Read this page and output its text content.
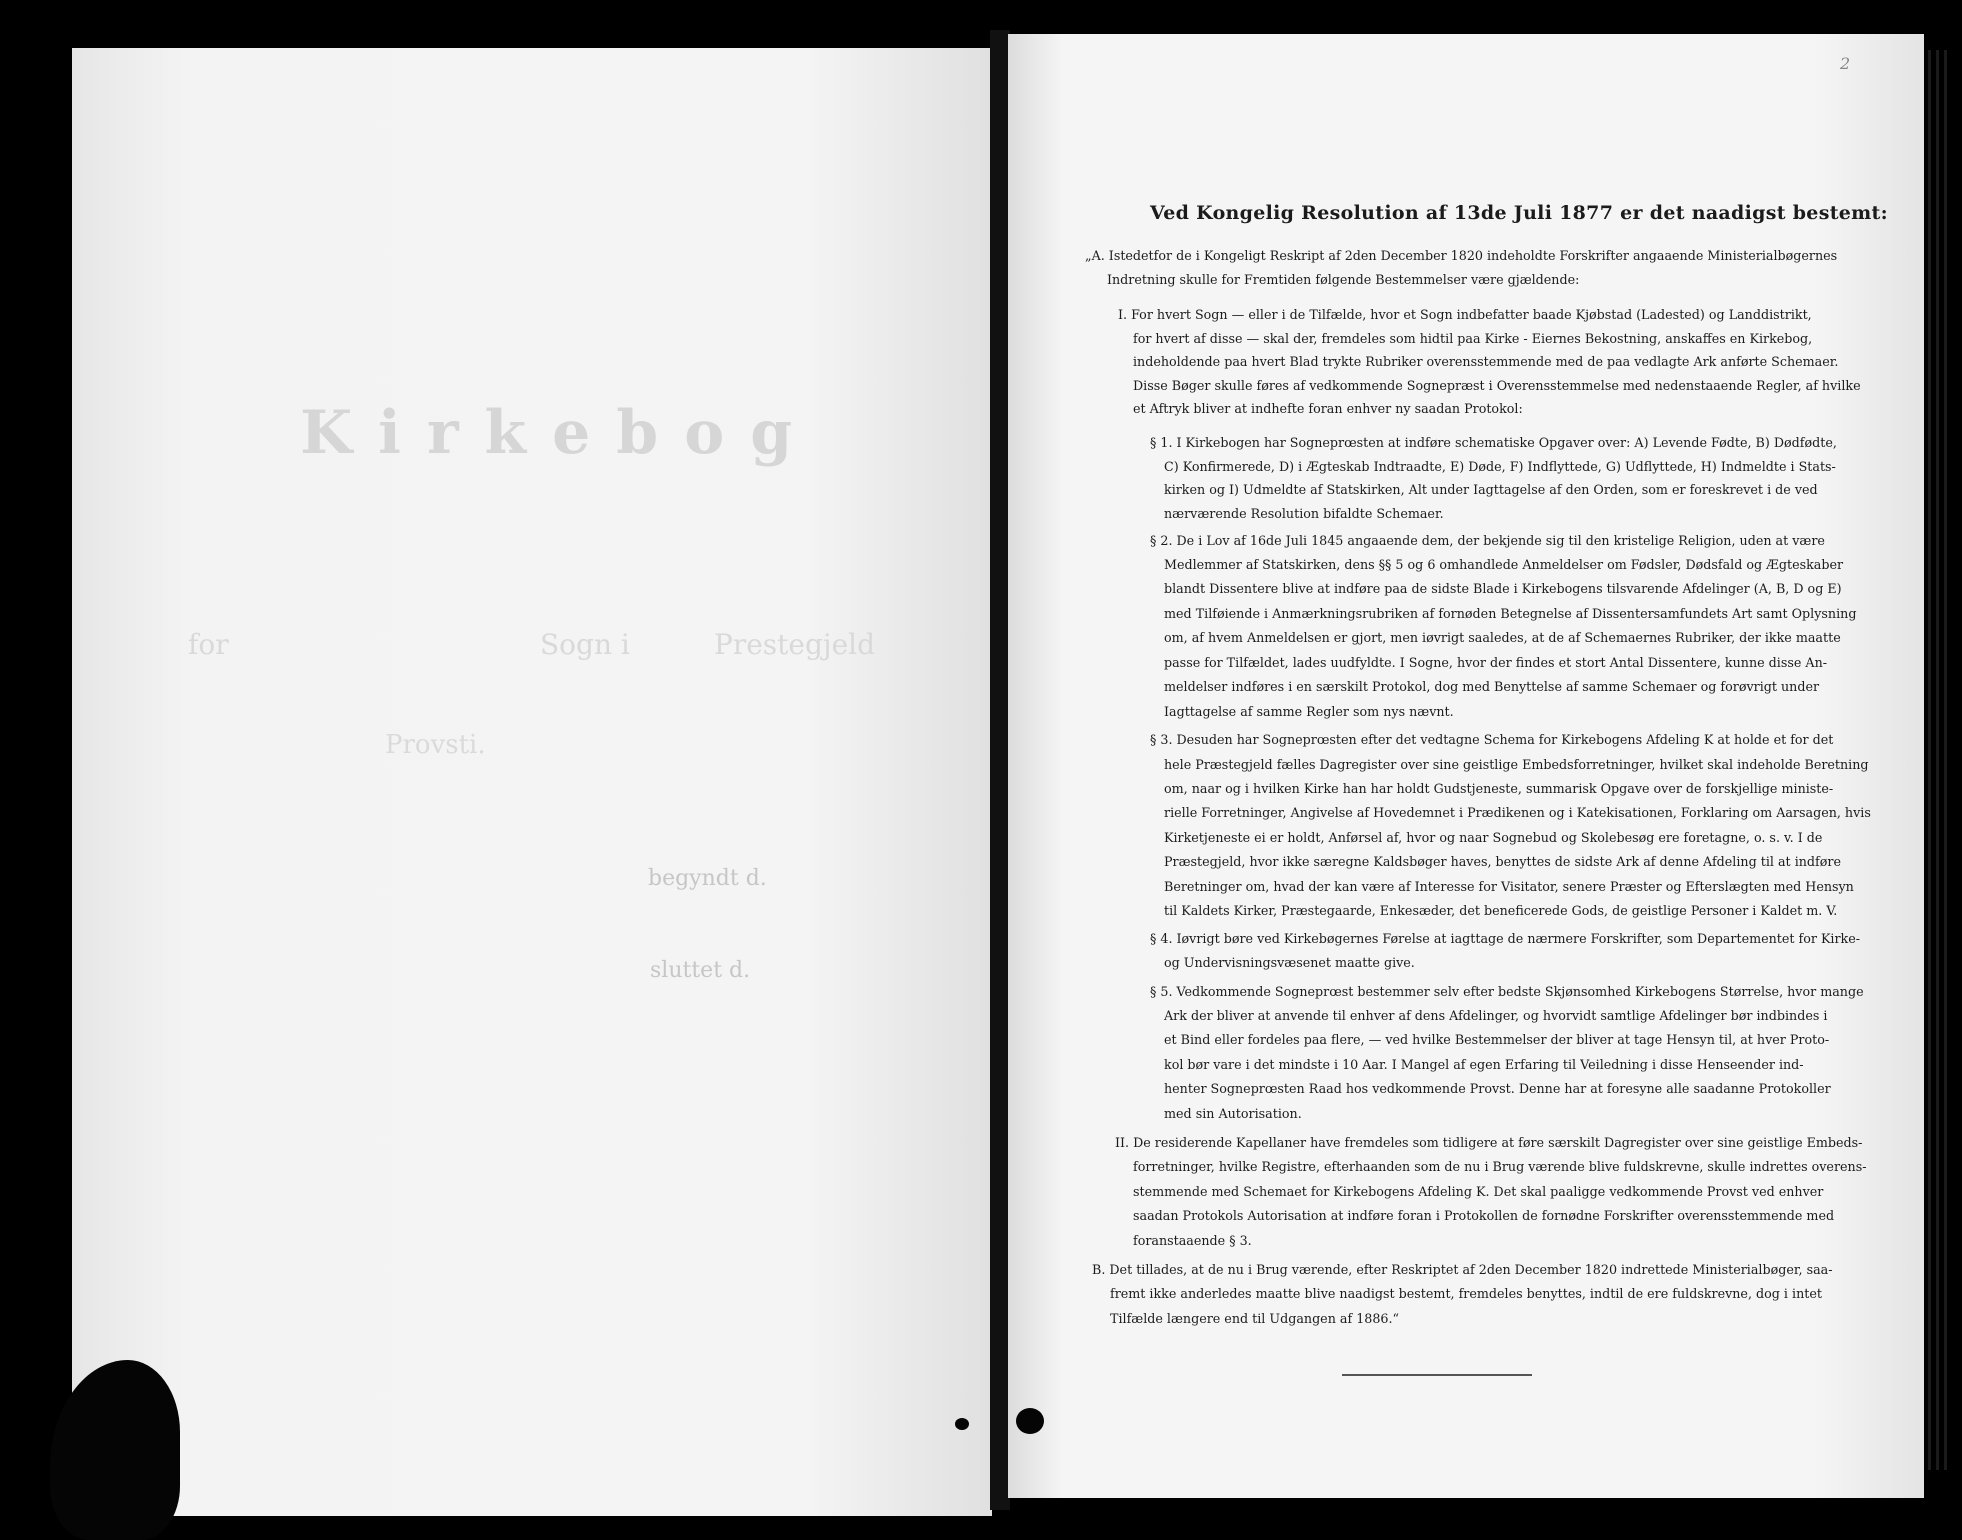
Kirkebog
for	Sogn i	Prestegjeld
Provsti.
begyndt d.
sluttet d.
2
Ved Kongelig Resolution af 13de Juli 1877 er det naadigst bestemt:
„A. Istedetfor de i Kongeligt Reskript af 2den December 1820 indeholdte Forskrifter angaaende Ministerialbøgernes
Indretning skulle for Fremtiden følgende Bestemmelser være gjældende:
I. For hvert Sogn — eller i de Tilfælde, hvor et Sogn indbefatter baade Kjøbstad (Ladested) og Landdistrikt,
for hvert af disse — skal der, fremdeles som hidtil paa Kirke - Eiernes Bekostning, anskaffes en Kirkebog,
indeholdende paa hvert Blad trykte Rubriker overensstemmende med de paa vedlagte Ark anførte Schemaer.
Disse Bøger skulle føres af vedkommende Sognepræst i Overensstemmelse med nedenstaaende Regler, af hvilke
et Aftryk bliver at indhefte foran enhver ny saadan Protokol:
§ 1. I Kirkebogen har Sogneprœsten at indføre schematiske Opgaver over: A) Levende Fødte, B) Dødfødte,
C) Konfirmerede, D) i Ægteskab Indtraadte, E) Døde, F) Indflyttede, G) Udflyttede, H) Indmeldte i Stats-
kirken og I) Udmeldte af Statskirken, Alt under Iagttagelse af den Orden, som er foreskrevet i de ved
nærværende Resolution bifaldte Schemaer.
§ 2. De i Lov af 16de Juli 1845 angaaende dem, der bekjende sig til den kristelige Religion, uden at være
Medlemmer af Statskirken, dens §§ 5 og 6 omhandlede Anmeldelser om Fødsler, Dødsfald og Ægteskaber
blandt Dissentere blive at indføre paa de sidste Blade i Kirkebogens tilsvarende Afdelinger (A, B, D og E)
med Tilføiende i Anmærkningsrubriken af fornøden Betegnelse af Dissentersamfundets Art samt Oplysning
om, af hvem Anmeldelsen er gjort, men iøvrigt saaledes, at de af Schemaernes Rubriker, der ikke maatte
passe for Tilfældet, lades uudfyldte. I Sogne, hvor der findes et stort Antal Dissentere, kunne disse An-
meldelser indføres i en særskilt Protokol, dog med Benyttelse af samme Schemaer og forøvrigt under
Iagttagelse af samme Regler som nys nævnt.
§ 3. Desuden har Sogneprœsten efter det vedtagne Schema for Kirkebogens Afdeling K at holde et for det
hele Præstegjeld fælles Dagregister over sine geistlige Embedsforretninger, hvilket skal indeholde Beretning
om, naar og i hvilken Kirke han har holdt Gudstjeneste, summarisk Opgave over de forskjellige ministe-
rielle Forretninger, Angivelse af Hovedemnet i Prædikenen og i Katekisationen, Forklaring om Aarsagen, hvis
Kirketjeneste ei er holdt, Anførsel af, hvor og naar Sognebud og Skolebesøg ere foretagne, o. s. v. I de
Præstegjeld, hvor ikke særegne Kaldsbøger haves, benyttes de sidste Ark af denne Afdeling til at indføre
Beretninger om, hvad der kan være af Interesse for Visitator, senere Præster og Efterslægten med Hensyn
til Kaldets Kirker, Præstegaarde, Enkesæder, det beneficerede Gods, de geistlige Personer i Kaldet m. V.
§ 4. Iøvrigt børe ved Kirkebøgernes Førelse at iagttage de nærmere Forskrifter, som Departementet for Kirke-
og Undervisningsvæsenet maatte give.
§ 5. Vedkommende Sogneprœst bestemmer selv efter bedste Skjønsomhed Kirkebogens Størrelse, hvor mange
Ark der bliver at anvende til enhver af dens Afdelinger, og hvorvidt samtlige Afdelinger bør indbindes i
et Bind eller fordeles paa flere, — ved hvilke Bestemmelser der bliver at tage Hensyn til, at hver Proto-
kol bør vare i det mindste i 10 Aar. I Mangel af egen Erfaring til Veiledning i disse Henseender ind-
henter Sogneprœsten Raad hos vedkommende Provst. Denne har at foresyne alle saadanne Protokoller
med sin Autorisation.
II. De residerende Kapellaner have fremdeles som tidligere at føre særskilt Dagregister over sine geistlige Embeds-
forretninger, hvilke Registre, efterhaanden som de nu i Brug værende blive fuldskrevne, skulle indrettes overens-
stemmende med Schemaet for Kirkebogens Afdeling K. Det skal paaligge vedkommende Provst ved enhver
saadan Protokols Autorisation at indføre foran i Protokollen de fornødne Forskrifter overensstemmende med
foranstaaende § 3.
B. Det tillades, at de nu i Brug værende, efter Reskriptet af 2den December 1820 indrettede Ministerialbøger, saa-
fremt ikke anderledes maatte blive naadigst bestemt, fremdeles benyttes, indtil de ere fuldskrevne, dog i intet
Tilfælde længere end til Udgangen af 1886.“
